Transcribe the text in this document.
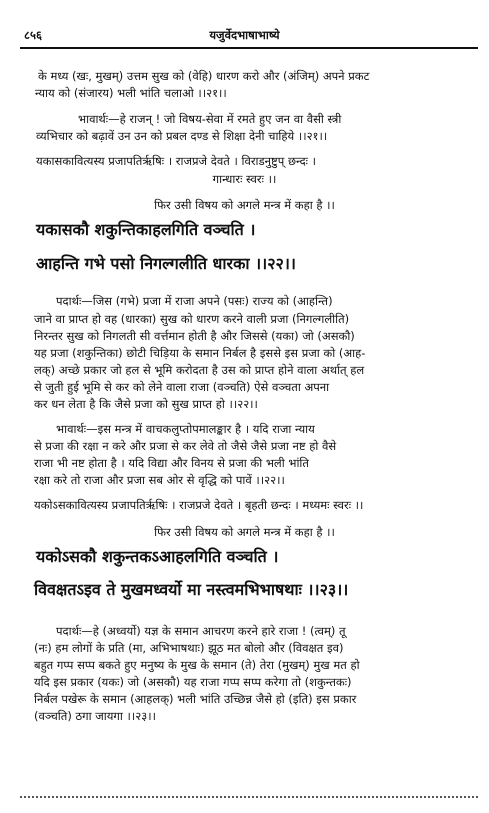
८५६	यजुर्वेदभाषाभाष्ये
के मध्य (खः, मुखम्) उत्तम सुख को (वेहि) धारण करो और (अंजिम्) अपने प्रकट
न्याय को (संजारय) भली भांति चलाओ ।।२१।।
भावार्थः—हे राजन् ! जो विषय-सेवा में रमते हुए जन वा वैसी स्त्री
व्यभिचार को बढ़ावें उन उन को प्रबल दण्ड से शिक्षा देनी चाहिये ।।२१।।
यकासकावित्यस्य प्रजापतिर्ऋषिः । राजप्रजे देवते । विराडनुष्टुप् छन्दः ।
गान्धारः स्वरः ।।
फिर उसी विषय को अगले मन्त्र में कहा है ।।
यकासकौ शकुन्तिकाहलगिति वञ्चति ।
आहन्ति गभे पसो निगल्गलीति धारका ।।२२।।
पदार्थः—जिस (गभे) प्रजा में राजा अपने (पसः) राज्य को (आहन्ति)
जाने वा प्राप्त हो वह (धारका) सुख को धारण करने वाली प्रजा (निगल्गलीति)
निरन्तर सुख को निगलती सी वर्त्तमान होती है और जिससे (यका) जो (असकौ)
यह प्रजा (शकुन्तिका) छोटी चिड़िया के समान निर्बल है इससे इस प्रजा को (आह-
लक्) अच्छे प्रकार जो हल से भूमि करोदता है उस को प्राप्त होने वाला अर्थात् हल
से जुती हुई भूमि से कर को लेने वाला राजा (वञ्चति) ऐसे वञ्चता अपना
कर धन लेता है कि जैसे प्रजा को सुख प्राप्त हो ।।२२।।
भावार्थः—इस मन्त्र में वाचकलुप्तोपमालङ्कार है । यदि राजा न्याय
से प्रजा की रक्षा न करे और प्रजा से कर लेवे तो जैसे जैसे प्रजा नष्ट हो वैसे
राजा भी नष्ट होता है । यदि विद्या और विनय से प्रजा की भली भांति
रक्षा करे तो राजा और प्रजा सब ओर से वृद्धि को पावें ।।२२।।
यकोऽसकावित्यस्य प्रजापतिर्ऋषिः । राजप्रजे देवते । बृहती छन्दः । मध्यमः स्वरः ।।
फिर उसी विषय को अगले मन्त्र में कहा है ।।
यकोऽसकौ शकुन्तकऽआहलगिति वञ्चति ।
विवक्षतऽइव ते मुखमध्वर्यो मा नस्त्वमभिभाषथाः ।।२३।।
पदार्थः—हे (अध्वर्यो) यज्ञ के समान आचरण करने हारे राजा ! (त्वम्) तू
(नः) हम लोगों के प्रति (मा, अभिभाषथाः) झूठ मत बोलो और (विवक्षत इव)
बहुत गप्प सप्प बकते हुए मनुष्य के मुख के समान (ते) तेरा (मुखम्) मुख मत हो
यदि इस प्रकार (यकः) जो (असकौ) यह राजा गप्प सप्प करेगा तो (शकुन्तकः)
निर्बल पखेरू के समान (आहलक्) भली भांति उच्छिन्न जैसे हो (इति) इस प्रकार
(वञ्चति) ठगा जायगा ।।२३।।
